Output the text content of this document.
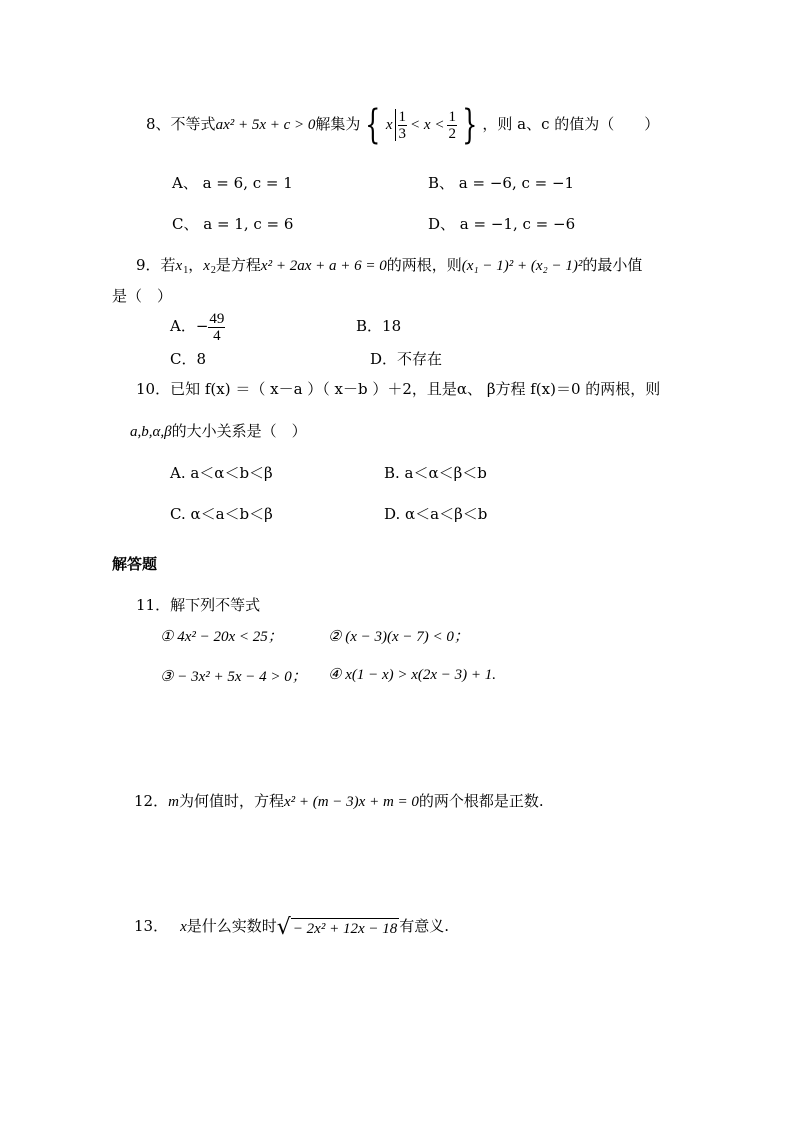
8、不等式ax² + 5x + c > 0解集为 { x $\frac{1}{3} < x < \frac{1}{2}$ } ，则 a、c 的值为（　　）
A、 a = 6, c = 1	B、 a = −6, c = −1
C、 a = 1, c = 6	D、 a = −1, c = −6
9．若$x_1$，$x_2$是方程x² + 2ax + a + 6 = 0的两根，则(x₁ − 1)² + (x₂ − 1)²的最小值
是（　）
A．− $\frac{49}{4}$	B．18
C．8	D．不存在
10．已知 f(x) ＝（ x－a ）（ x－b ）＋2，且是α、 β方程 f(x)＝0 的两根，则
a,b,α,β的大小关系是（　）
A. a＜α＜b＜β	B. a＜α＜β＜b
C. α＜a＜b＜β	D. α＜a＜β＜b
解答题
11．解下列不等式
① 4x² − 20x < 25；	② (x − 3)(x − 7) < 0；
③ − 3x² + 5x − 4 > 0； ④ x(1 − x) > x(2x − 3) + 1.
12．m为何值时，方程x² + (m − 3)x + m = 0的两个根都是正数.
13． x是什么实数时√ − 2x² + 12x − 18 有意义.
